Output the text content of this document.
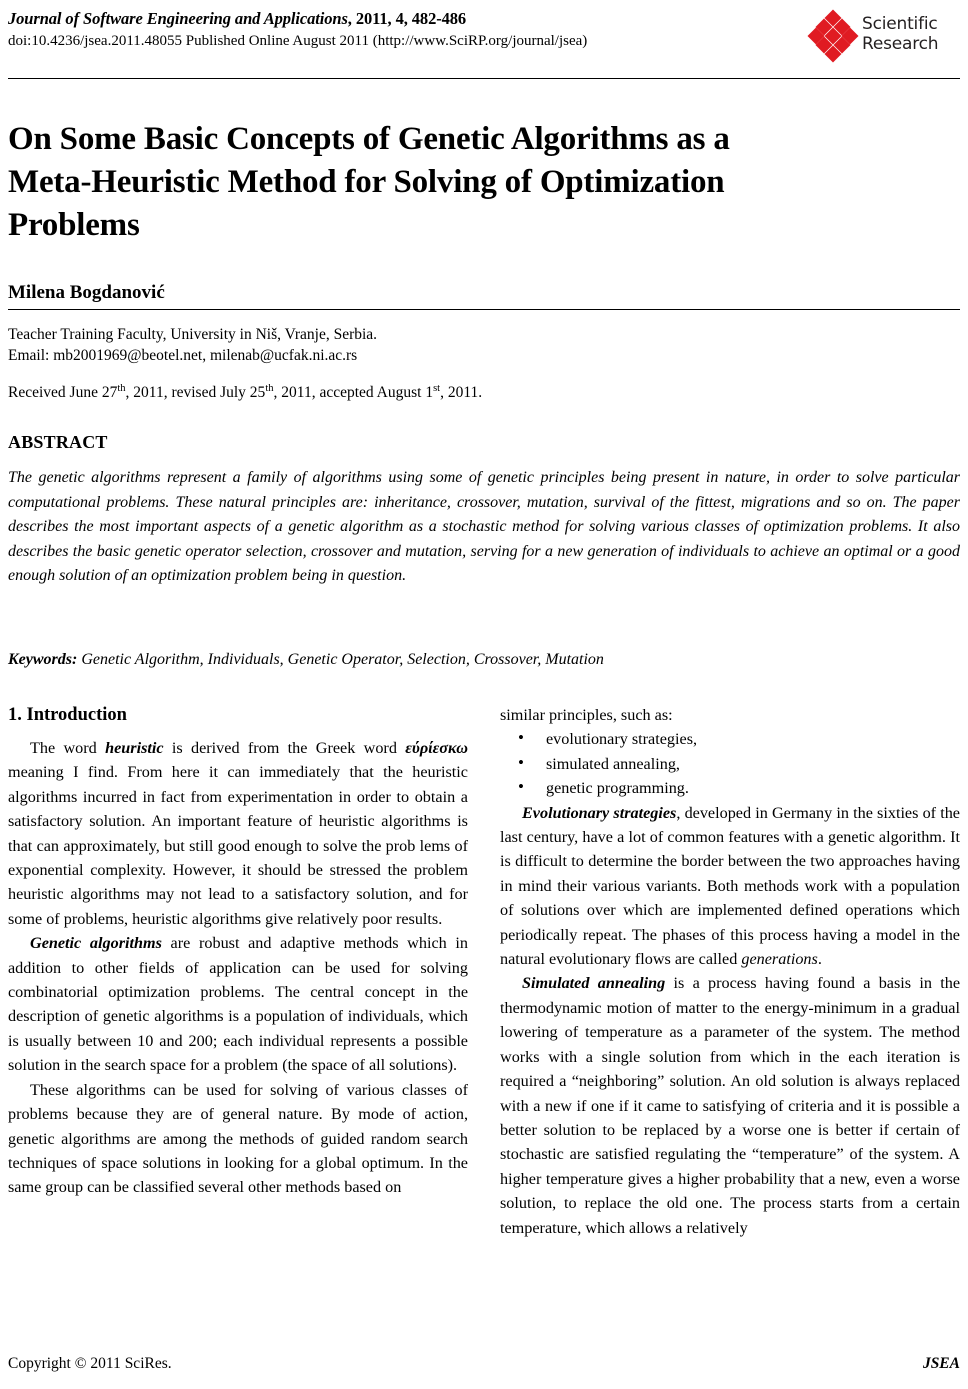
Journal of Software Engineering and Applications, 2011, 4, 482-486
doi:10.4236/jsea.2011.48055 Published Online August 2011 (http://www.SciRP.org/journal/jsea)
Scientific
Research
On Some Basic Concepts of Genetic Algorithms as a Meta-Heuristic Method for Solving of Optimization Problems
Milena Bogdanović
Teacher Training Faculty, University in Niš, Vranje, Serbia.
Email: mb2001969@beotel.net, milenab@ucfak.ni.ac.rs
Received June 27th, 2011, revised July 25th, 2011, accepted August 1st, 2011.
ABSTRACT
The genetic algorithms represent a family of algorithms using some of genetic principles being present in nature, in order to solve particular computational problems. These natural principles are: inheritance, crossover, mutation, survival of the fittest, migrations and so on. The paper describes the most important aspects of a genetic algorithm as a stochastic method for solving various classes of optimization problems. It also describes the basic genetic operator selection, crossover and mutation, serving for a new generation of individuals to achieve an optimal or a good enough solution of an optimization problem being in question.
Keywords: Genetic Algorithm, Individuals, Genetic Operator, Selection, Crossover, Mutation
1. Introduction

The word heuristic is derived from the Greek word εύρίεσκω meaning I find. From here it can immediately that the heuristic algorithms incurred in fact from experimentation in order to obtain a satisfactory solution. An important feature of heuristic algorithms is that can approximately, but still good enough to solve the prob lems of exponential complexity. However, it should be stressed the problem heuristic algorithms may not lead to a satisfactory solution, and for some of problems, heuristic algorithms give relatively poor results.

Genetic algorithms are robust and adaptive methods which in addition to other fields of application can be used for solving combinatorial optimization problems. The central concept in the description of genetic algorithms is a population of individuals, which is usually between 10 and 200; each individual represents a possible solution in the search space for a problem (the space of all solutions).

These algorithms can be used for solving of various classes of problems because they are of general nature. By mode of action, genetic algorithms are among the methods of guided random search techniques of space solutions in looking for a global optimum. In the same group can be classified several other methods based on

similar principles, such as:

• evolutionary strategies,
• simulated annealing,
• genetic programming.

Evolutionary strategies, developed in Germany in the sixties of the last century, have a lot of common features with a genetic algorithm. It is difficult to determine the border between the two approaches having in mind their various variants. Both methods work with a population of solutions over which are implemented defined operations which periodically repeat. The phases of this process having a model in the natural evolutionary flows are called generations.

Simulated annealing is a process having found a basis in the thermodynamic motion of matter to the energy-minimum in a gradual lowering of temperature as a parameter of the system. The method works with a single solution from which in the each iteration is required a “neighboring” solution. An old solution is always replaced with a new if one if it came to satisfying of criteria and it is possible a better solution to be replaced by a worse one is better if certain of stochastic are satisfied regulating the “temperature” of the system. A higher temperature gives a higher probability that a new, even a worse solution, to replace the old one. The process starts from a certain temperature, which allows a relatively

Copyright © 2011 SciRes.	JSEA
